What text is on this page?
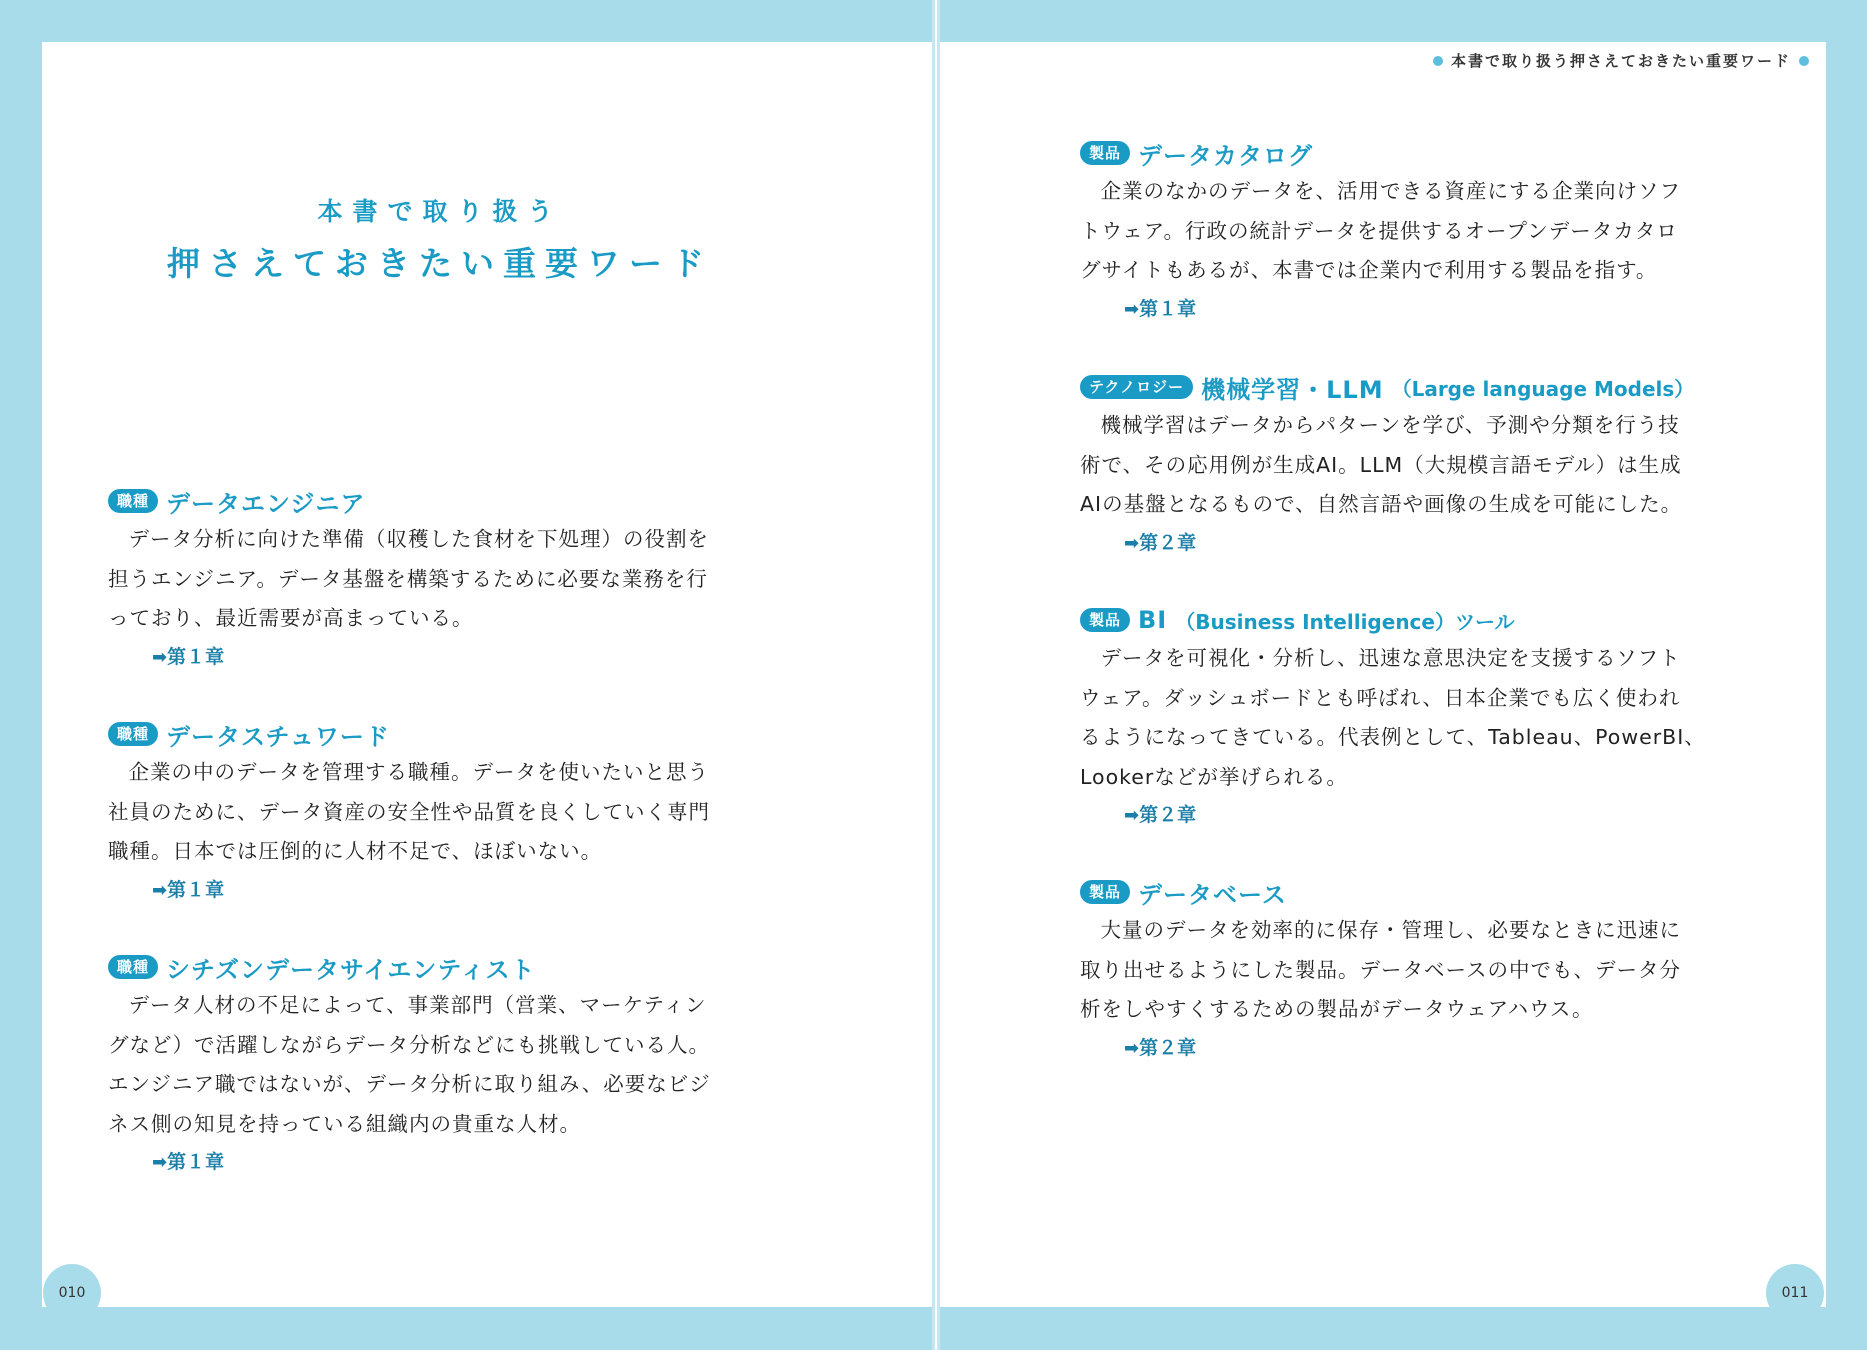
本書で取り扱う押さえておきたい重要ワード
本書で取り扱う
押さえておきたい重要ワード
職種 データエンジニア
データ分析に向けた準備（収穫した食材を下処理）の役割を
担うエンジニア。データ基盤を構築するために必要な業務を行
っており、最近需要が高まっている。
➡第１章
職種 データスチュワード
企業の中のデータを管理する職種。データを使いたいと思う
社員のために、データ資産の安全性や品質を良くしていく専門
職種。日本では圧倒的に人材不足で、ほぼいない。
➡第１章
職種 シチズンデータサイエンティスト
データ人材の不足によって、事業部門（営業、マーケティン
グなど）で活躍しながらデータ分析などにも挑戦している人。
エンジニア職ではないが、データ分析に取り組み、必要なビジ
ネス側の知見を持っている組織内の貴重な人材。
➡第１章
製品 データカタログ
企業のなかのデータを、活用できる資産にする企業向けソフ
トウェア。行政の統計データを提供するオープンデータカタロ
グサイトもあるが、本書では企業内で利用する製品を指す。
➡第１章
テクノロジー 機械学習・LLM （Large language Models）
機械学習はデータからパターンを学び、予測や分類を行う技
術で、その応用例が生成AI。LLM（大規模言語モデル）は生成
AIの基盤となるもので、自然言語や画像の生成を可能にした。
➡第２章
製品 BI （Business Intelligence）ツール
データを可視化・分析し、迅速な意思決定を支援するソフト
ウェア。ダッシュボードとも呼ばれ、日本企業でも広く使われ
るようになってきている。代表例として、Tableau、PowerBI、
Lookerなどが挙げられる。
➡第２章
製品 データベース
大量のデータを効率的に保存・管理し、必要なときに迅速に
取り出せるようにした製品。データベースの中でも、データ分
析をしやすくするための製品がデータウェアハウス。
➡第２章
010	011
